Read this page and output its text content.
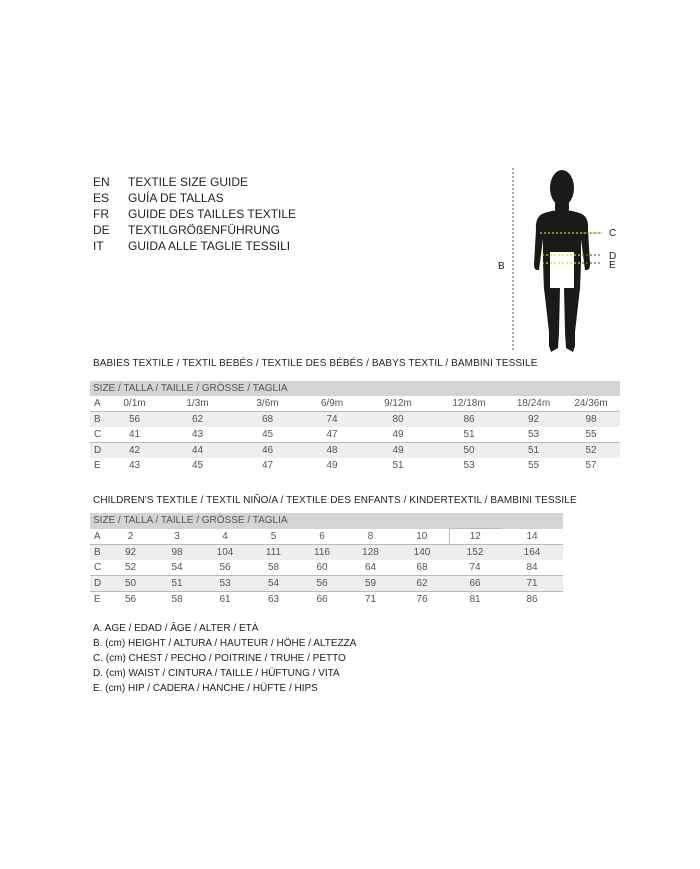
EN	TEXTILE SIZE GUIDE
ES	GUÍA DE TALLAS
FR	GUIDE DES TAILLES TEXTILE
DE	TEXTILGRÖßENFÜHRUNG
IT	GUIDA ALLE TAGLIE TESSILI
B
C
D
E
BABIES TEXTILE / TEXTIL BEBÉS / TEXTILE DES BÉBÉS / BABYS TEXTIL / BAMBINI TESSILE
SIZE / TALLA / TAILLE / GRÖSSE / TAGLIA								
A	0/1m	1/3m	3/6m	6/9m	9/12m	12/18m	18/24m	24/36m
B	56	62	68	74	80	86	92	98
C	41	43	45	47	49	51	53	55
D	42	44	46	48	49	50	51	52
E	43	45	47	49	51	53	55	57
CHILDREN'S TEXTILE / TEXTIL NIÑO/A / TEXTILE DES ENFANTS / KINDERTEXTIL / BAMBINI TESSILE
SIZE / TALLA / TAILLE / GRÖSSE / TAGLIA									
A	2	3	4	5	6	8	10	12	14
B	92	98	104	111	116	128	140	152	164
C	52	54	56	58	60	64	68	74	84
D	50	51	53	54	56	59	62	66	71
E	56	58	61	63	66	71	76	81	86
A. AGE / EDAD / ÂGE / ALTER / ETÀ
B. (cm) HEIGHT / ALTURA / HAUTEUR / HÖHE / ALTEZZA
C. (cm) CHEST / PECHO / POITRINE / TRUHE / PETTO
D. (cm) WAIST / CINTURA / TAILLE / HÜFTUNG / VITA
E. (cm) HIP / CADERA / HANCHE / HÜFTE / HIPS
